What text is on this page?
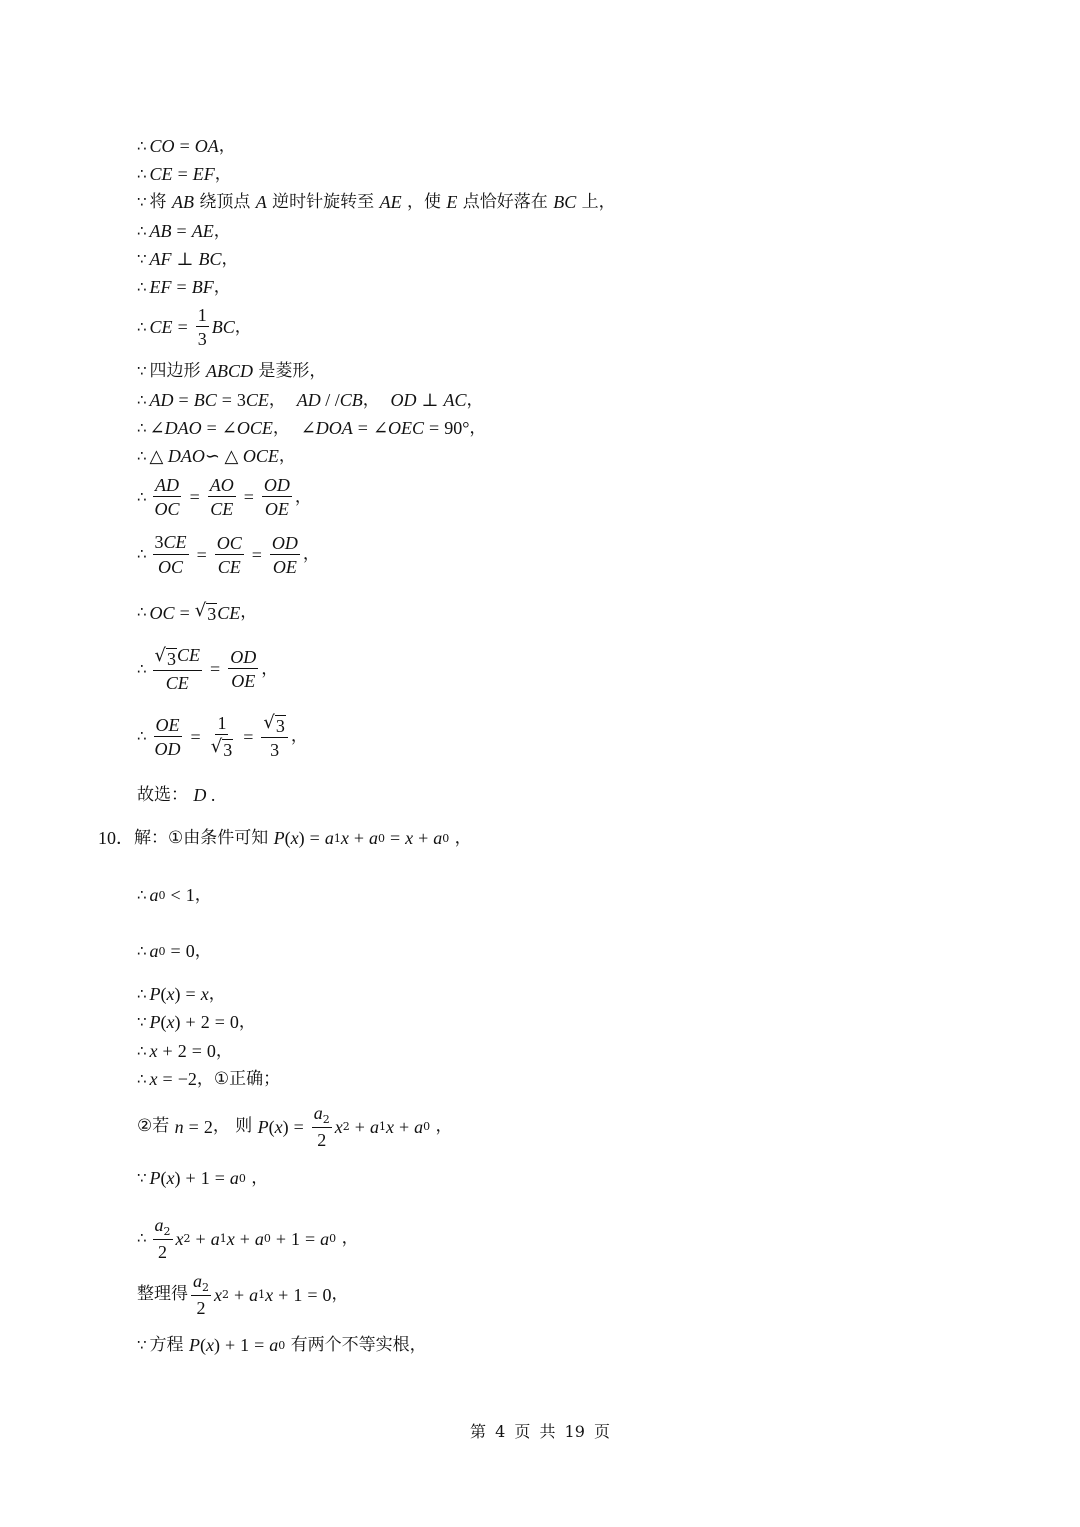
∴ CO = OA ，
∴ CE = EF ，
∵ 将 AB 绕顶点 A 逆时针旋转至 AE ，使 E 点恰好落在 BC 上，
∴ AB = AE ，
∵ AF ⊥ BC ，
∴ EF = BF ，
∴ CE = $\frac{1}{3}$ BC ，
∵ 四边形 ABCD 是菱形，
∴ AD = BC = 3 CE ， AD / / CB ， OD ⊥ AC ，
∴ ∠ DAO = ∠ OCE ， ∠ DOA = ∠ OEC = 90° ，
∴ △ DAO ∽ △ OCE ，
∴ $\frac{AD}{OC} = \frac{AO}{CE} = \frac{OD}{OE}$ ，
∴ $\frac{3CE}{OC} = \frac{OC}{CE} = \frac{OD}{OE}$ ，
∴ OC = √ 3 CE ，
∴ $\frac{√ 3 CE}{CE} = \frac{OD}{OE}$ ，
∴ $\frac{OE}{OD} = \frac{1}{√ 3} = \frac{√ 3}{3}$ ，
故选： D .
10． 解：①由条件可知 P ( x ) = a 1 x + a 0 = x + a 0 ，
∴ a 0 < 1 ，
∴ a 0 = 0 ，
∴ P ( x ) = x ，
∵ P ( x ) + 2 = 0 ，
∴ x + 2 = 0 ，
∴ x = −2 ，①正确；
②若 n = 2 ， 则 P ( x ) = $\frac{a_2}{2}$ x 2 + a 1 x + a 0 ，
∵ P ( x ) + 1 = a 0 ，
∴ $\frac{a_2}{2}$ x 2 + a 1 x + a 0 + 1 = a 0 ，
整理得 $\frac{a_2}{2}$ x 2 + a 1 x + 1 = 0 ，
∵ 方程 P ( x ) + 1 = a 0 有两个不等实根，
第 4 页 共 19 页
